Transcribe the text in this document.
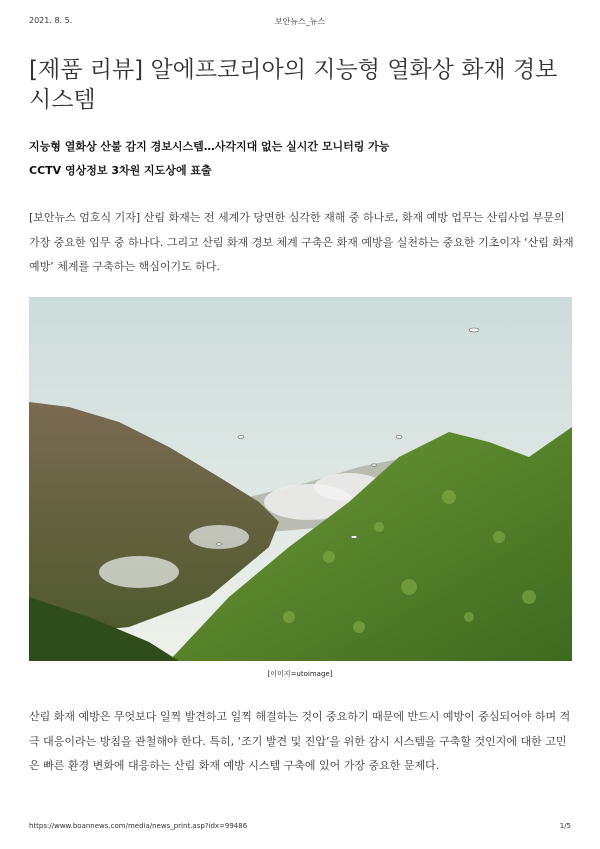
2021. 8. 5.	보안뉴스_뉴스
[제품 리뷰] 알에프코리아의 지능형 열화상 화재 경보 시스템
지능형 열화상 산불 감지 경보시스템…사각지대 없는 실시간 모니터링 가능
CCTV 영상정보 3차원 지도상에 표출

[보안뉴스 엄호식 기자] 산림 화재는 전 세계가 당면한 심각한 재해 중 하나로, 화재 예방 업무는 산림사업 부문의 가장 중요한 임무 중 하나다. 그리고 산림 화재 경보 체계 구축은 화재 예방을 실천하는 중요한 기초이자 ‘산림 화재 예방’ 체계를 구축하는 핵심이기도 하다.

[이미지=utoimage]

산림 화재 예방은 무엇보다 일찍 발견하고 일찍 해결하는 것이 중요하기 때문에 반드시 예방이 중심되어야 하며 적극 대응이라는 방침을 관철해야 한다. 특히, ‘조기 발견 및 진압’을 위한 감시 시스템을 구축할 것인지에 대한 고민은 빠른 환경 변화에 대응하는 산림 화재 예방 시스템 구축에 있어 가장 중요한 문제다.

https://www.boannews.com/media/news_print.asp?idx=99486	1/5
